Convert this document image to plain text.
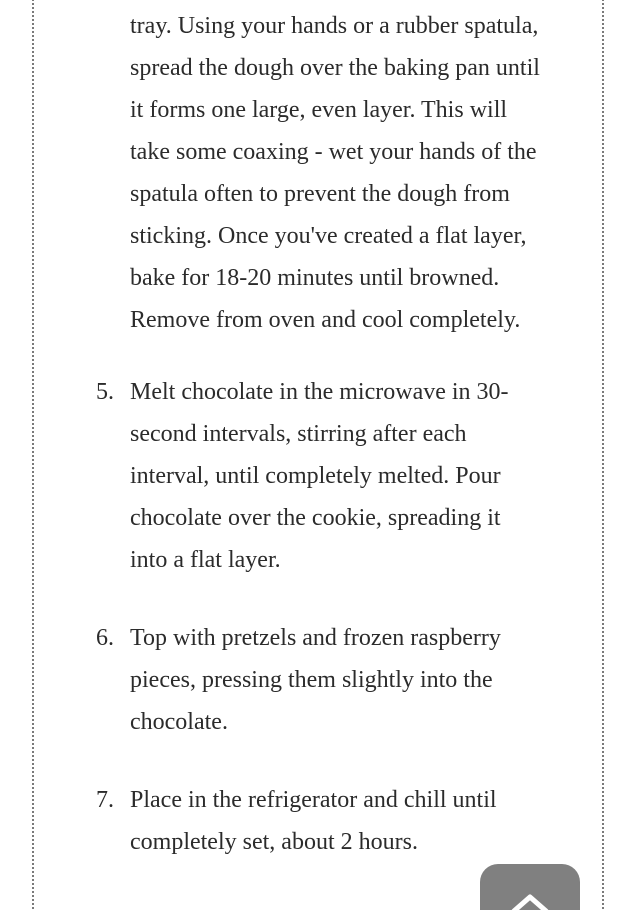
tray. Using your hands or a rubber spatula,
spread the dough over the baking pan until
it forms one large, even layer. This will
take some coaxing - wet your hands of the
spatula often to prevent the dough from
sticking. Once you've created a flat layer,
bake for 18-20 minutes until browned.
Remove from oven and cool completely.

5. Melt chocolate in the microwave in 30-
second intervals, stirring after each
interval, until completely melted. Pour
chocolate over the cookie, spreading it
into a flat layer.

6. Top with pretzels and frozen raspberry
pieces, pressing them slightly into the
chocolate.

7. Place in the refrigerator and chill until
completely set, about 2 hours.
